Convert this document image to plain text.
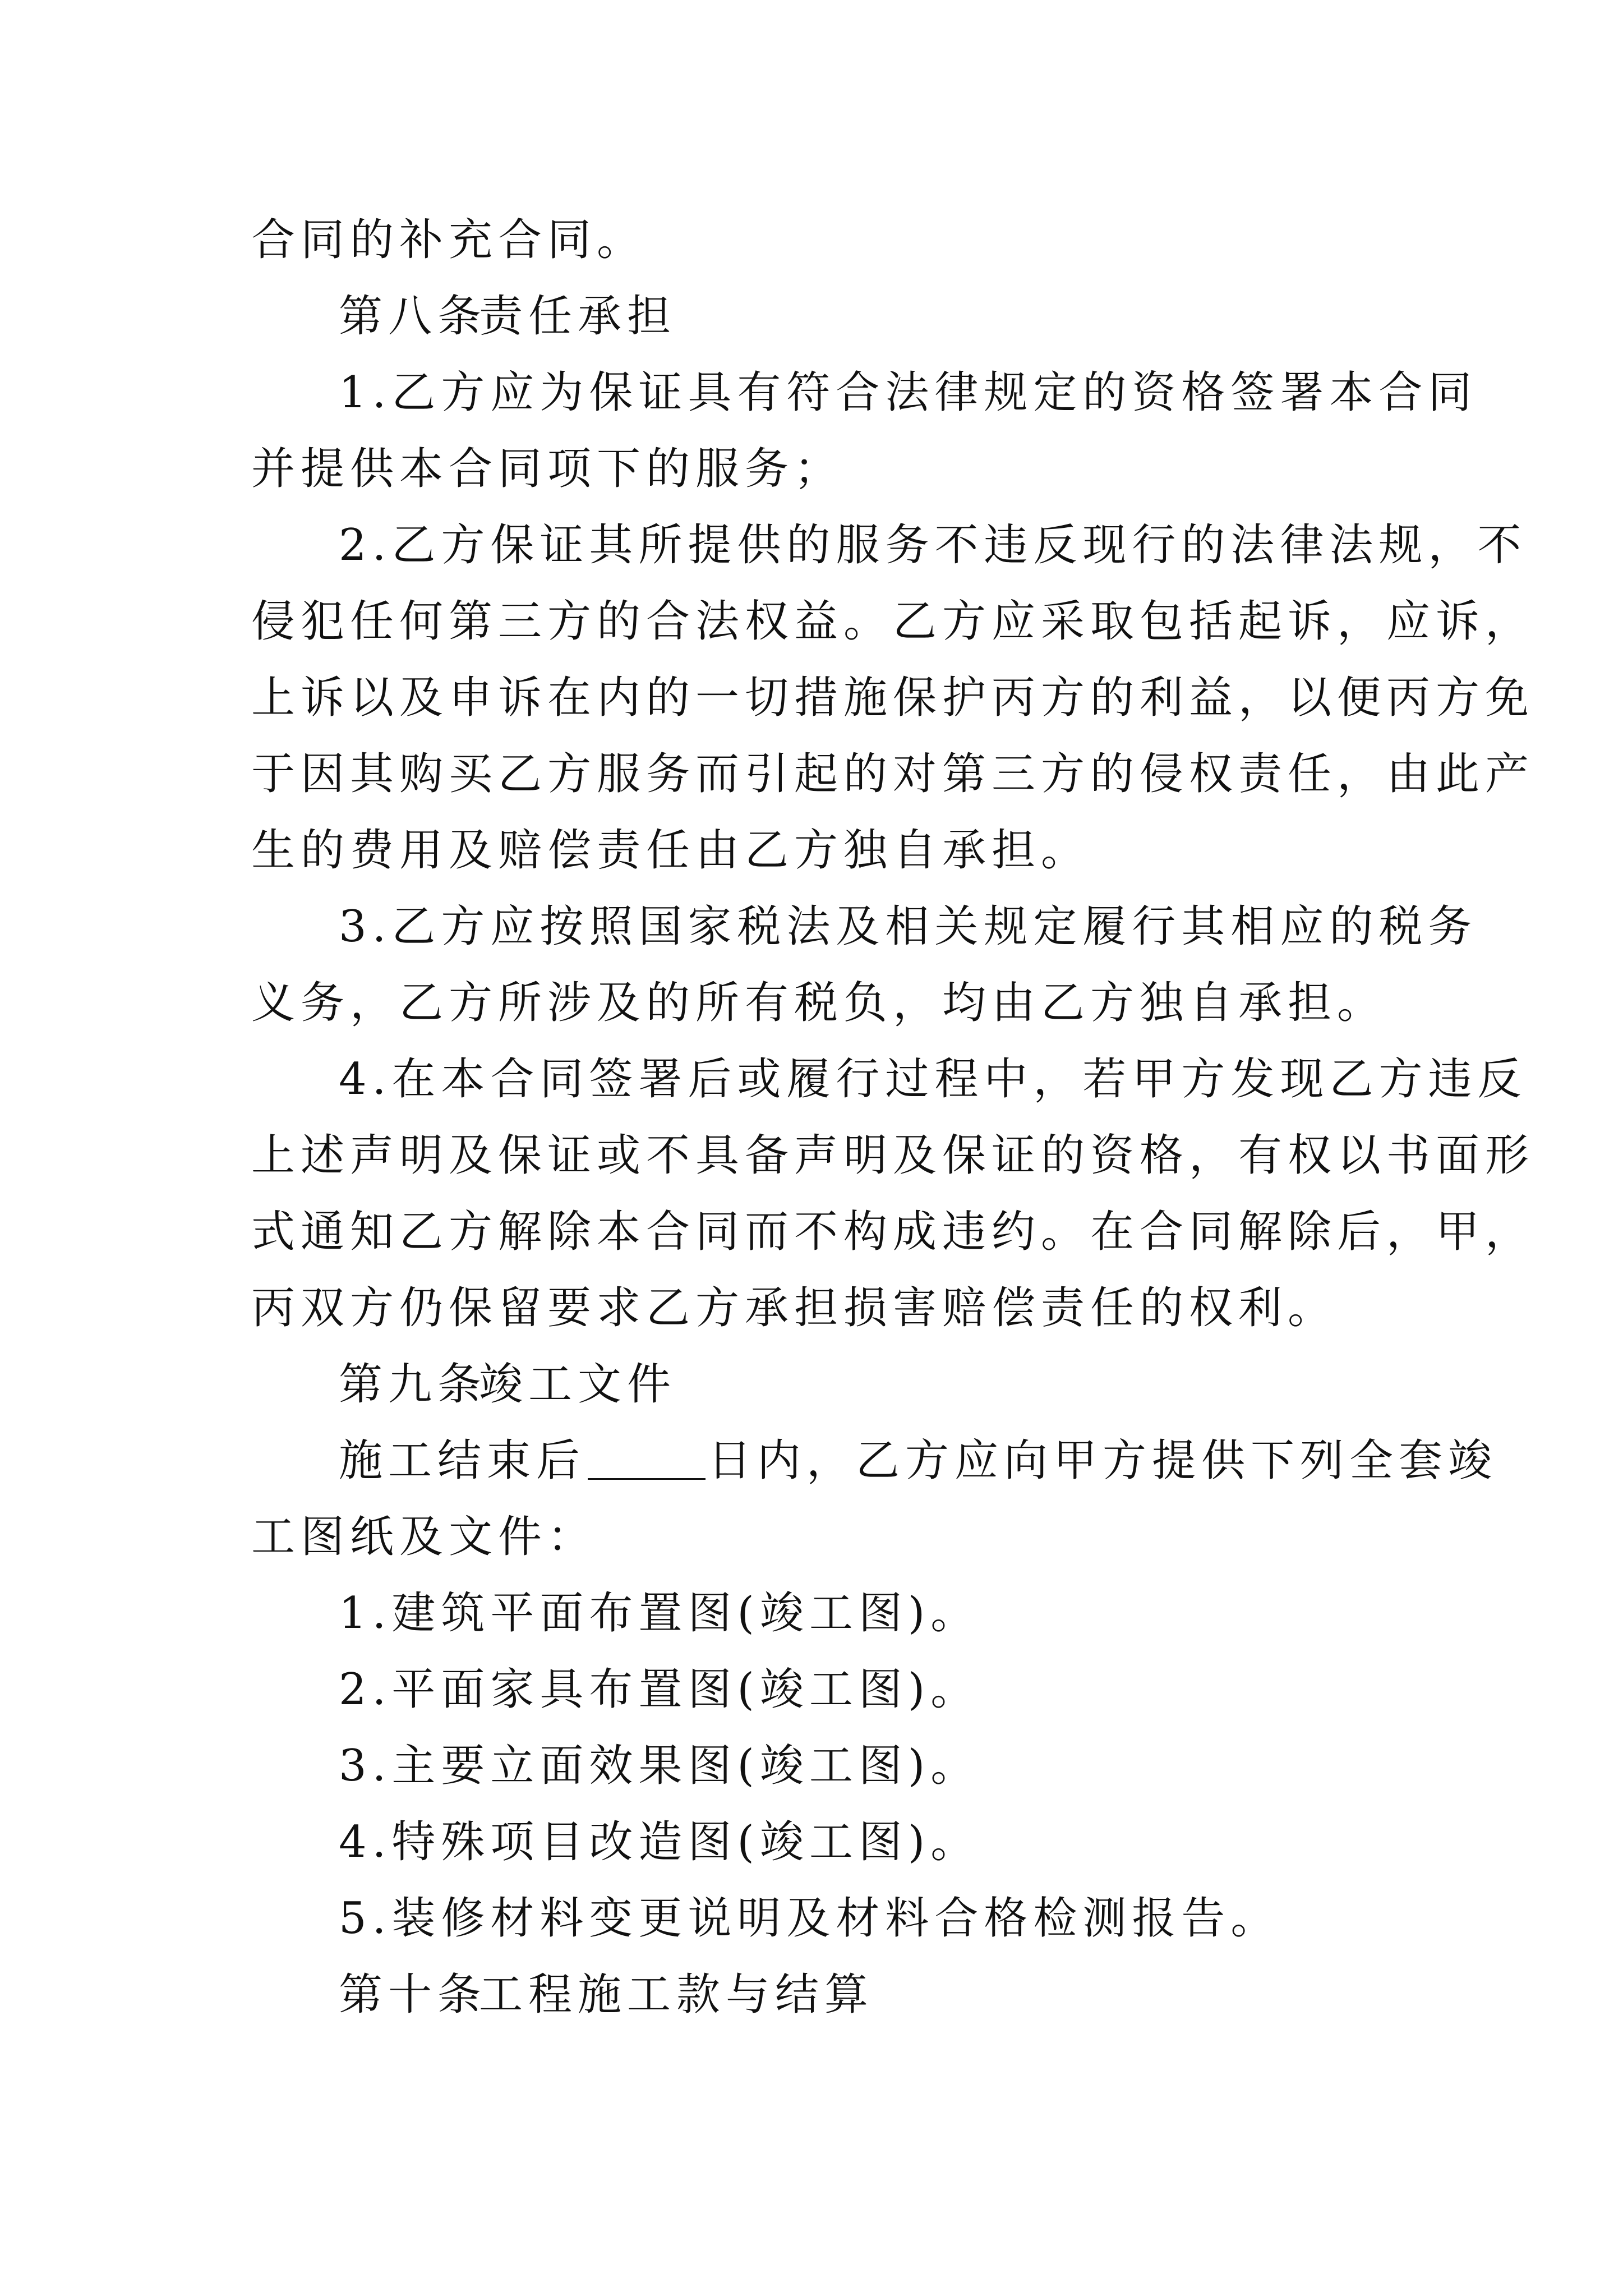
合同的补充合同。
第八条责任承担
1.乙方应为保证具有符合法律规定的资格签署本合同
并提供本合同项下的服务；
2.乙方保证其所提供的服务不违反现行的法律法规，不
侵犯任何第三方的合法权益。乙方应采取包括起诉，应诉，
上诉以及申诉在内的一切措施保护丙方的利益，以便丙方免
于因其购买乙方服务而引起的对第三方的侵权责任，由此产
生的费用及赔偿责任由乙方独自承担。
3.乙方应按照国家税法及相关规定履行其相应的税务
义务，乙方所涉及的所有税负，均由乙方独自承担。
4.在本合同签署后或履行过程中，若甲方发现乙方违反
上述声明及保证或不具备声明及保证的资格，有权以书面形
式通知乙方解除本合同而不构成违约。在合同解除后，甲，
丙双方仍保留要求乙方承担损害赔偿责任的权利。
第九条竣工文件
施工结束后	日内，乙方应向甲方提供下列全套竣
工图纸及文件：
1.建筑平面布置图(竣工图)。
2.平面家具布置图(竣工图)。
3.主要立面效果图(竣工图)。
4.特殊项目改造图(竣工图)。
5.装修材料变更说明及材料合格检测报告。
第十条工程施工款与结算
